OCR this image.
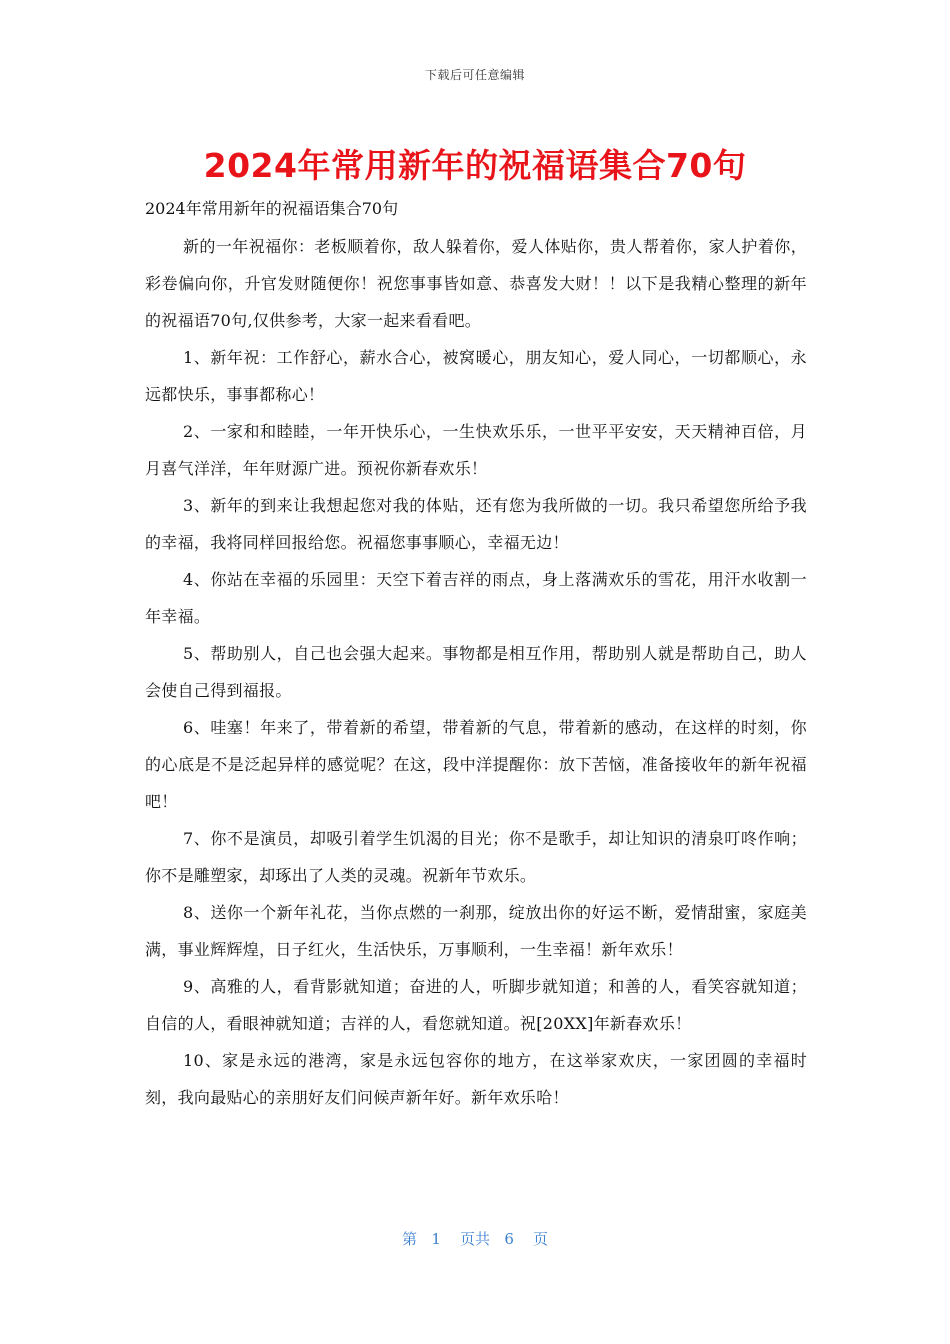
下载后可任意编辑
2024年常用新年的祝福语集合70句
2024年常用新年的祝福语集合70句

新的一年祝福你：老板顺着你，敌人躲着你，爱人体贴你，贵人帮着你，家人护着你，彩卷偏向你，升官发财随便你！祝您事事皆如意、恭喜发大财！！以下是我精心整理的新年的祝福语70句,仅供参考，大家一起来看看吧。

1、新年祝：工作舒心，薪水合心，被窝暖心，朋友知心，爱人同心，一切都顺心，永远都快乐，事事都称心！

2、一家和和睦睦，一年开快乐心，一生快欢乐乐，一世平平安安，天天精神百倍，月月喜气洋洋，年年财源广进。预祝你新春欢乐！

3、新年的到来让我想起您对我的体贴，还有您为我所做的一切。我只希望您所给予我的幸福，我将同样回报给您。祝福您事事顺心，幸福无边！

4、你站在幸福的乐园里：天空下着吉祥的雨点，身上落满欢乐的雪花，用汗水收割一年幸福。

5、帮助别人，自己也会强大起来。事物都是相互作用，帮助别人就是帮助自己，助人会使自己得到福报。

6、哇塞！年来了，带着新的希望，带着新的气息，带着新的感动，在这样的时刻，你的心底是不是泛起异样的感觉呢？在这，段中洋提醒你：放下苦恼，准备接收年的新年祝福吧！

7、你不是演员，却吸引着学生饥渴的目光；你不是歌手，却让知识的清泉叮咚作响；你不是雕塑家，却琢出了人类的灵魂。祝新年节欢乐。

8、送你一个新年礼花，当你点燃的一刹那，绽放出你的好运不断，爱情甜蜜，家庭美满，事业辉辉煌，日子红火，生活快乐，万事顺利，一生幸福！新年欢乐！

9、高雅的人，看背影就知道；奋进的人，听脚步就知道；和善的人，看笑容就知道；自信的人，看眼神就知道；吉祥的人，看您就知道。祝[20XX]年新春欢乐！

10、家是永远的港湾，家是永远包容你的地方，在这举家欢庆，一家团圆的幸福时刻，我向最贴心的亲朋好友们问候声新年好。新年欢乐哈！

第 1 页共 6 页
